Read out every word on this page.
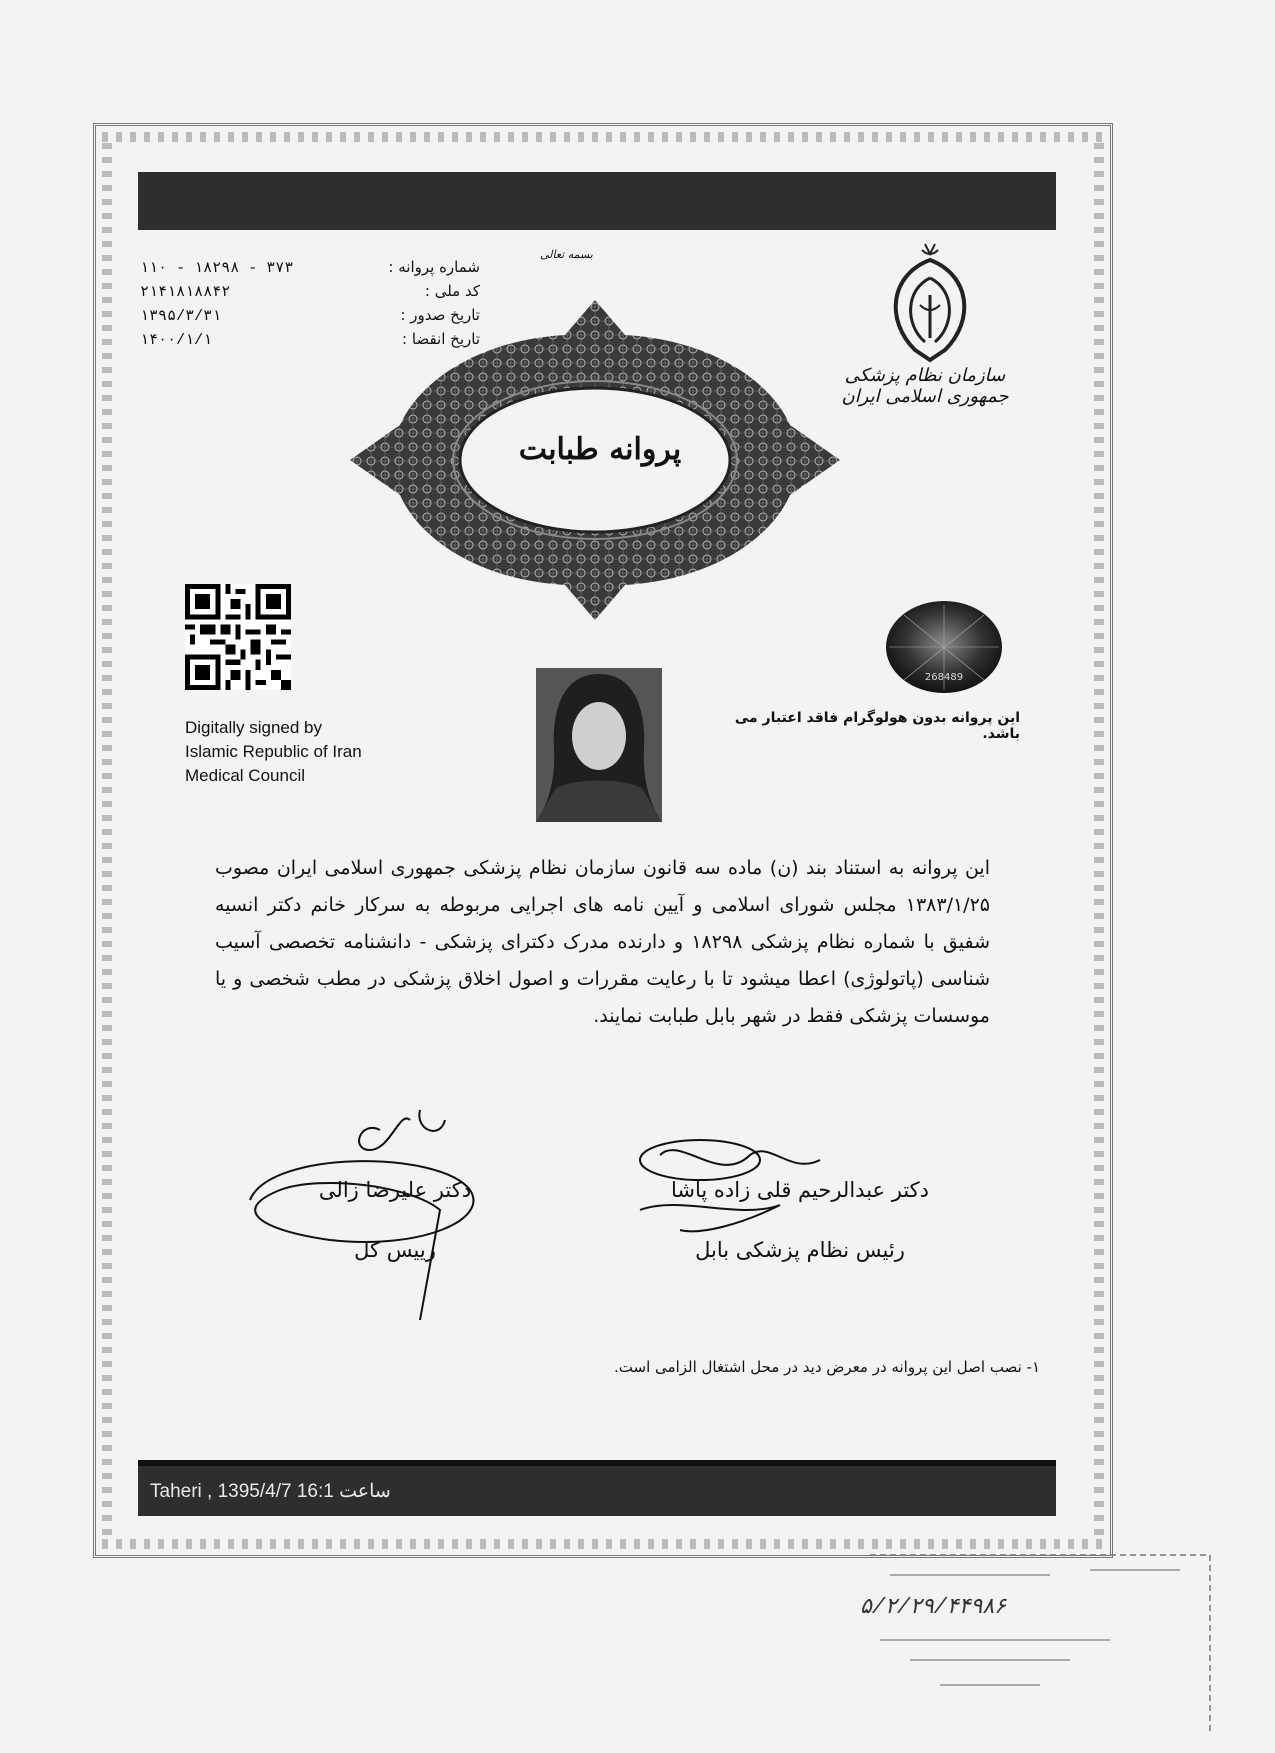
بسمه تعالی
۱۱۰ - ۱۸۲۹۸ - ۳۷۳	شماره پروانه :
۲۱۴۱۸۱۸۸۴۲	کد ملی :
۱۳۹۵/۳/۳۱	تاریخ صدور :
۱۴۰۰/۱/۱	تاریخ انقضا :
سازمان نظام پزشکی جمهوری اسلامی ایران
پروانه طبابت
Digitally signed by
Islamic Republic of Iran
Medical Council
268489
این پروانه بدون هولوگرام فاقد اعتبار می باشد.
این پروانه به استناد بند (ن) ماده سه قانون سازمان نظام پزشکی جمهوری اسلامی ایران مصوب ۱۳۸۳/۱/۲۵ مجلس شورای اسلامی و آیین نامه های اجرایی مربوطه به سرکار خانم دکتر انسیه شفیق با شماره نظام پزشکی ۱۸۲۹۸ و دارنده مدرک دکترای پزشکی - دانشنامه تخصصی آسیب شناسی (پاتولوژی) اعطا میشود تا با رعایت مقررات و اصول اخلاق پزشکی در مطب شخصی و یا موسسات پزشکی فقط در شهر بابل طبابت نمایند.
دکتر علیرضا زالی
رییس کل
دکتر عبدالرحیم قلی زاده پاشا
رئیس نظام پزشکی بابل
۱- نصب اصل این پروانه در معرض دید در محل اشتغال الزامی است.
Taheri , 1395/4/7 16:1 ساعت
۵/۲/۲۹/۴۴۹۸۶
